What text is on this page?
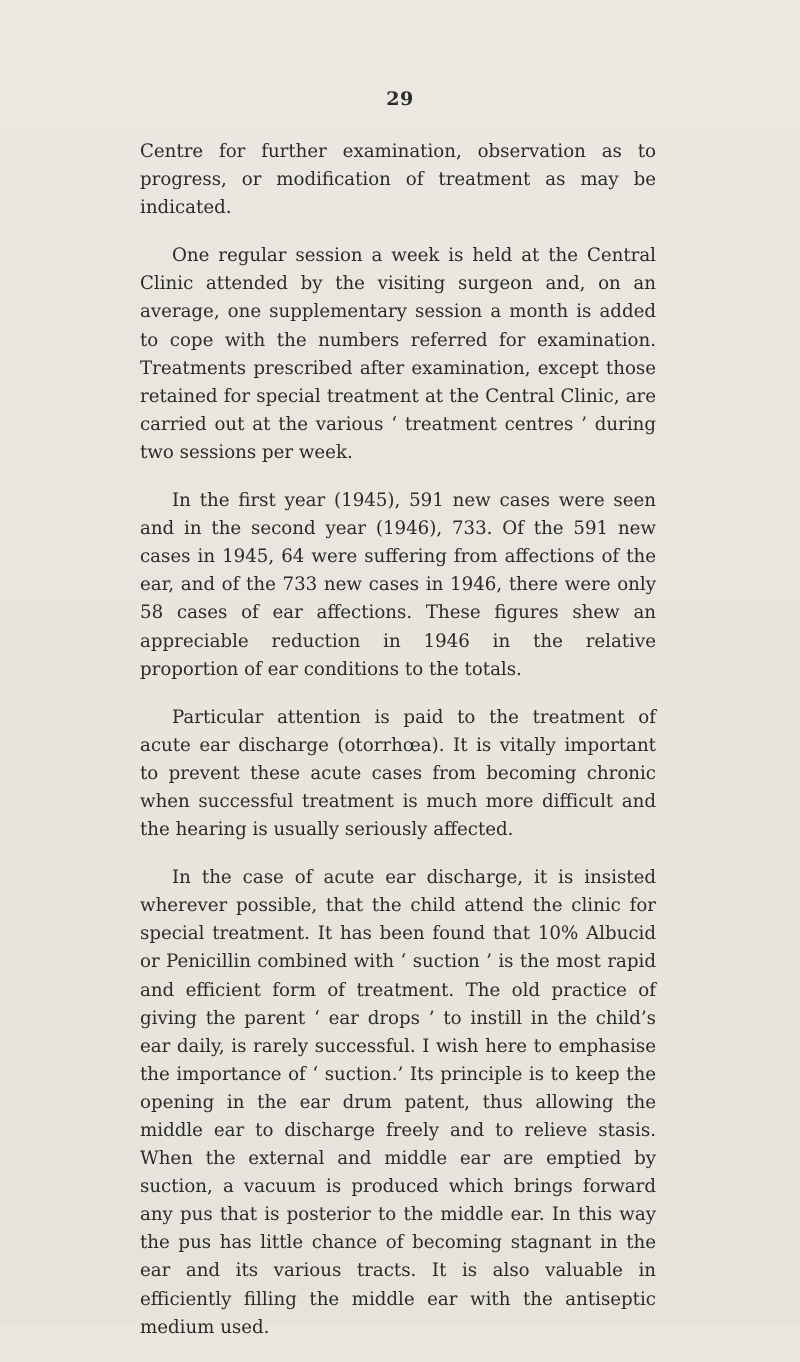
29

Centre for further examination, observation as to progress, or modification of treatment as may be indicated.

One regular session a week is held at the Central Clinic attended by the visiting surgeon and, on an average, one supplementary session a month is added to cope with the numbers referred for examination. Treatments prescribed after examination, except those retained for special treatment at the Central Clinic, are carried out at the various ‘ treatment centres ’ during two sessions per week.

In the first year (1945), 591 new cases were seen and in the second year (1946), 733. Of the 591 new cases in 1945, 64 were suffering from affections of the ear, and of the 733 new cases in 1946, there were only 58 cases of ear affections. These figures shew an appreciable reduction in 1946 in the relative proportion of ear conditions to the totals.

Particular attention is paid to the treatment of acute ear discharge (otorrhœa). It is vitally important to prevent these acute cases from becoming chronic when successful treatment is much more difficult and the hearing is usually seriously affected.

In the case of acute ear discharge, it is insisted wherever possible, that the child attend the clinic for special treatment. It has been found that 10% Albucid or Penicillin combined with ‘ suction ’ is the most rapid and efficient form of treatment. The old practice of giving the parent ‘ ear drops ’ to instill in the child’s ear daily, is rarely successful. I wish here to emphasise the importance of ‘ suction.’ Its principle is to keep the opening in the ear drum patent, thus allowing the middle ear to discharge freely and to relieve stasis. When the external and middle ear are emptied by suction, a vacuum is produced which brings forward any pus that is posterior to the middle ear. In this way the pus has little chance of becoming stagnant in the ear and its various tracts. It is also valuable in efficiently filling the middle ear with the antiseptic medium used.
